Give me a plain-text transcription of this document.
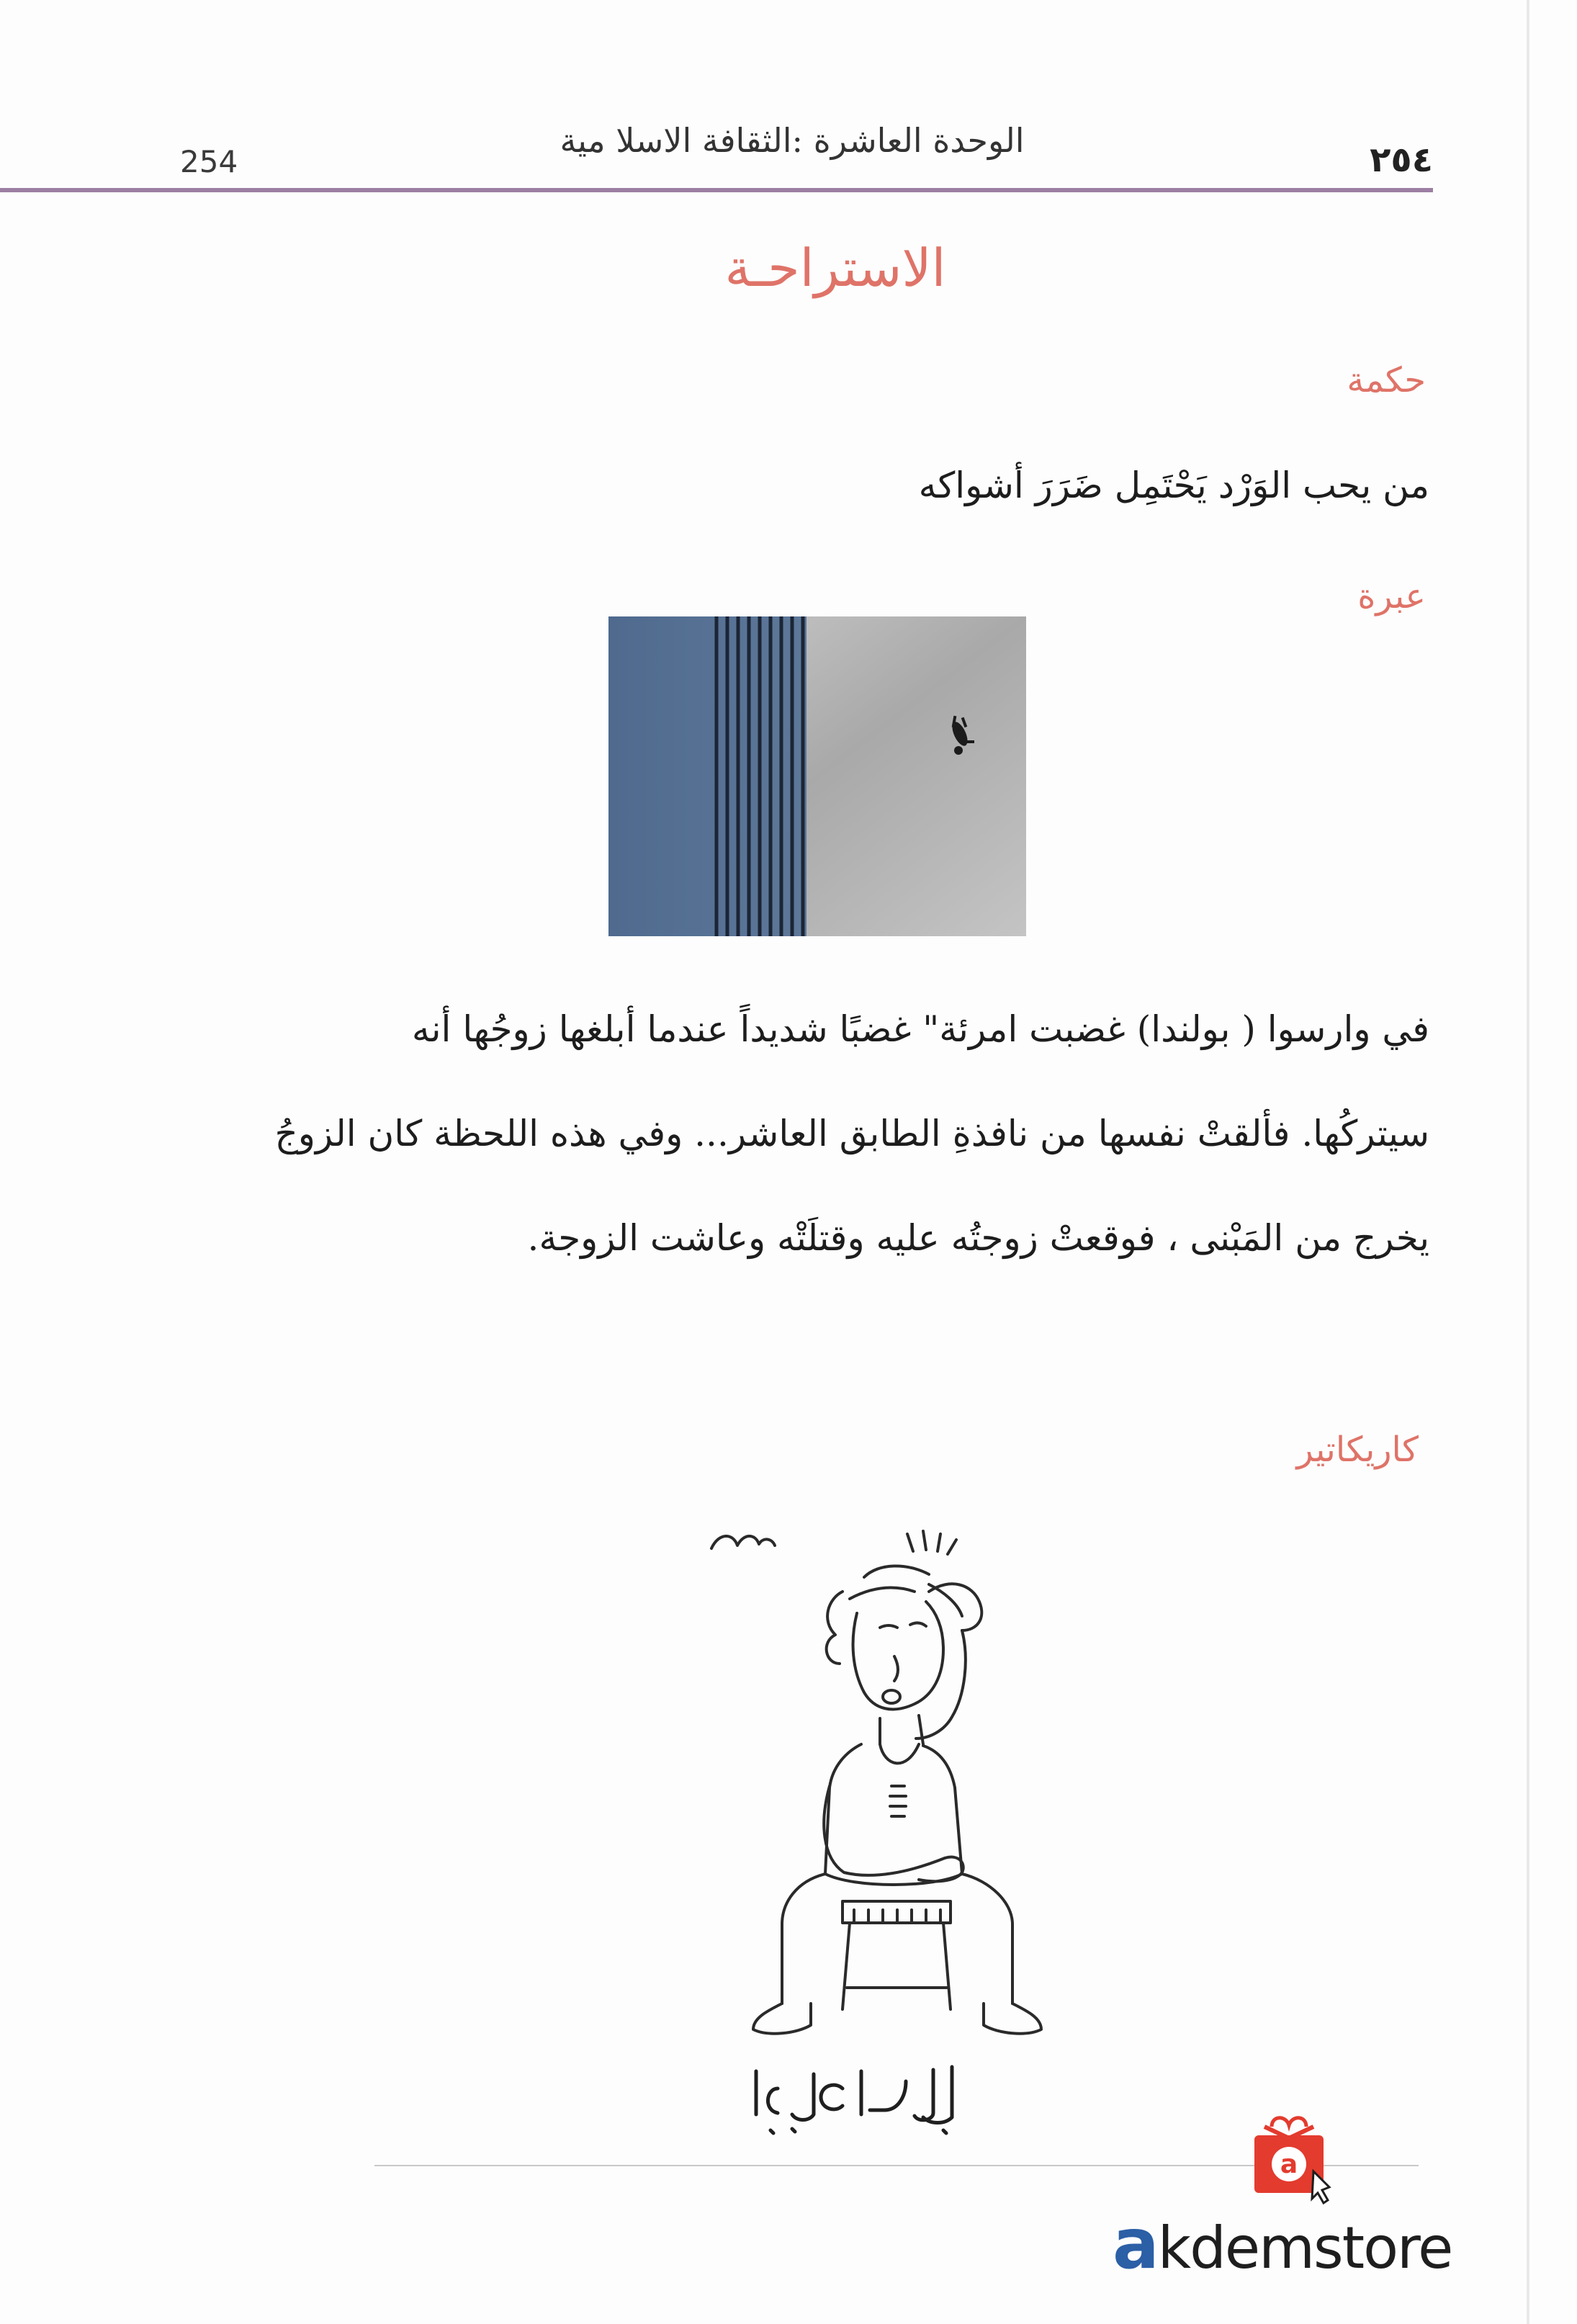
الوحدة العاشرة :الثقافة الاسلا مية
254	٢٥٤
الاستراحـة
حكمة
من يحب الوَرْد يَحْتَمِل ضَرَرَ أشواكه
عبرة
في وارسوا ( بولندا) غضبت امرئة" غضبًا شديداً عندما أبلغها زوجُها أنه
سيتركُها. فألقتْ نفسها من نافذةِ الطابق العاشر... وفي هذه اللحظة كان الزوجُ
يخرج من المَبْنى ، فوقعتْ زوجتُه عليه وقتلَتْه وعاشت الزوجة.
كاريكاتير
a
akdemstore
